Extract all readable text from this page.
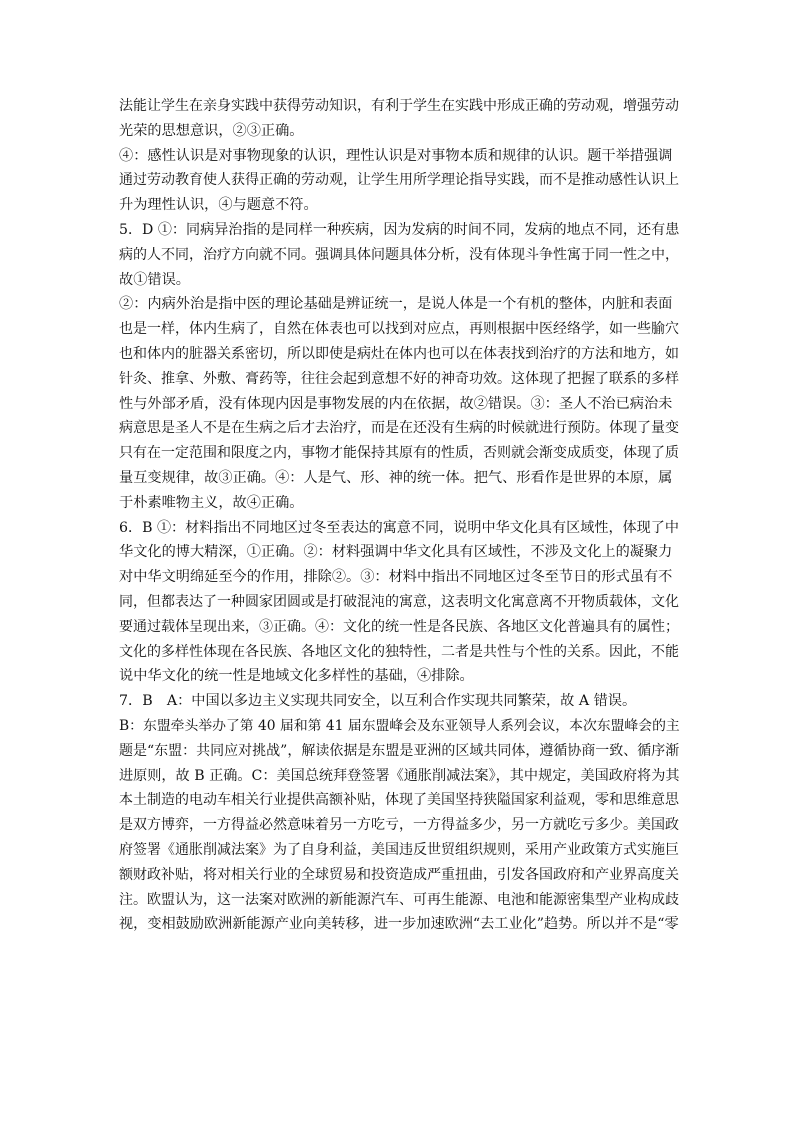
法能让学生在亲身实践中获得劳动知识，有利于学生在实践中形成正确的劳动观，增强劳动
光荣的思想意识，②③正确。
④：感性认识是对事物现象的认识，理性认识是对事物本质和规律的认识。题干举措强调
通过劳动教育使人获得正确的劳动观，让学生用所学理论指导实践，而不是推动感性认识上
升为理性认识，④与题意不符。
5．D ①：同病异治指的是同样一种疾病，因为发病的时间不同，发病的地点不同，还有患
病的人不同，治疗方向就不同。强调具体问题具体分析，没有体现斗争性寓于同一性之中，
故①错误。
②：内病外治是指中医的理论基础是辨证统一，是说人体是一个有机的整体，内脏和表面
也是一样，体内生病了，自然在体表也可以找到对应点，再则根据中医经络学，如一些腧穴
也和体内的脏器关系密切，所以即使是病灶在体内也可以在体表找到治疗的方法和地方，如
针灸、推拿、外敷、膏药等，往往会起到意想不好的神奇功效。这体现了把握了联系的多样
性与外部矛盾，没有体现内因是事物发展的内在依据，故②错误。③：圣人不治已病治未
病意思是圣人不是在生病之后才去治疗，而是在还没有生病的时候就进行预防。体现了量变
只有在一定范围和限度之内，事物才能保持其原有的性质，否则就会渐变成质变，体现了质
量互变规律，故③正确。④：人是气、形、神的统一体。把气、形看作是世界的本原，属
于朴素唯物主义，故④正确。
6．B ①：材料指出不同地区过冬至表达的寓意不同，说明中华文化具有区域性，体现了中
华文化的博大精深，①正确。②：材料强调中华文化具有区域性，不涉及文化上的凝聚力
对中华文明绵延至今的作用，排除②。③：材料中指出不同地区过冬至节日的形式虽有不
同，但都表达了一种圆家团圆或是打破混沌的寓意，这表明文化寓意离不开物质载体，文化
要通过载体呈现出来，③正确。④：文化的统一性是各民族、各地区文化普遍具有的属性；
文化的多样性体现在各民族、各地区文化的独特性，二者是共性与个性的关系。因此，不能
说中华文化的统一性是地域文化多样性的基础，④排除。
7．B　A：中国以多边主义实现共同安全，以互利合作实现共同繁荣，故 A 错误。
B：东盟牵头举办了第 40 届和第 41 届东盟峰会及东亚领导人系列会议，本次东盟峰会的主
题是“东盟：共同应对挑战”，解读依据是东盟是亚洲的区域共同体，遵循协商一致、循序渐
进原则，故 B 正确。C：美国总统拜登签署《通胀削减法案》，其中规定，美国政府将为其
本土制造的电动车相关行业提供高额补贴，体现了美国坚持狭隘国家利益观，零和思维意思
是双方博弈，一方得益必然意味着另一方吃亏，一方得益多少，另一方就吃亏多少。美国政
府签署《通胀削减法案》为了自身利益，美国违反世贸组织规则，采用产业政策方式实施巨
额财政补贴，将对相关行业的全球贸易和投资造成严重扭曲，引发各国政府和产业界高度关
注。欧盟认为，这一法案对欧洲的新能源汽车、可再生能源、电池和能源密集型产业构成歧
视，变相鼓励欧洲新能源产业向美转移，进一步加速欧洲“去工业化”趋势。所以并不是“零
